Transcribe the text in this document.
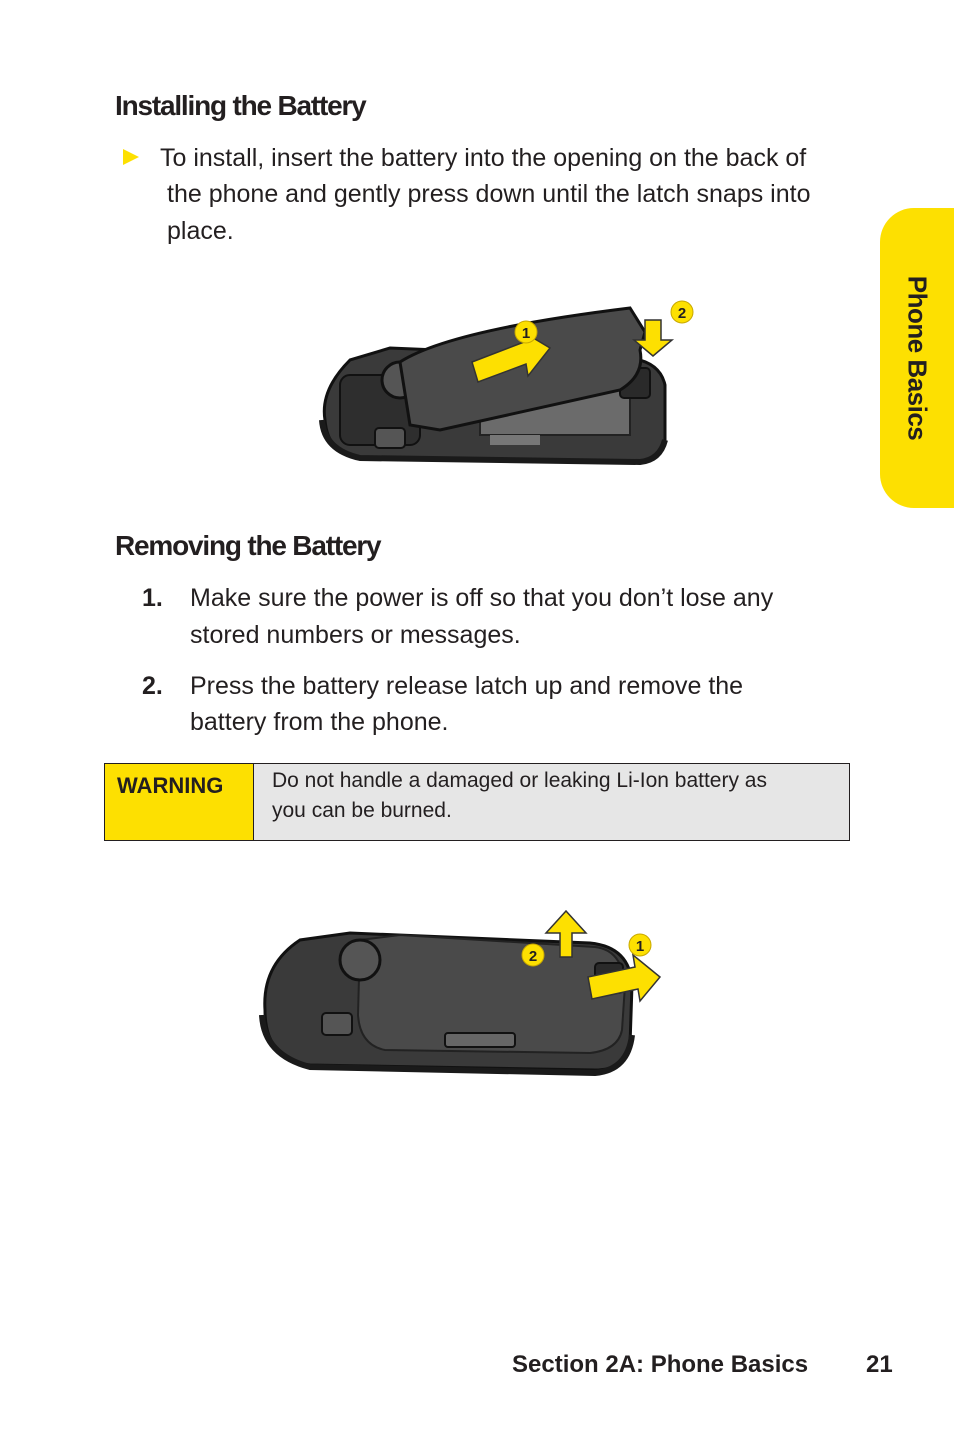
Phone Basics
Installing the Battery
To install, insert the battery into the opening on the back of
the phone and gently press down until the latch snaps into
place.
1
2
Removing the Battery
1. Make sure the power is off so that you don’t lose any
stored numbers or messages.
2. Press the battery release latch up and remove the
battery from the phone.
WARNING	Do not handle a damaged or leaking Li-Ion battery as
you can be burned.
2
1
Section 2A: Phone Basics 21
